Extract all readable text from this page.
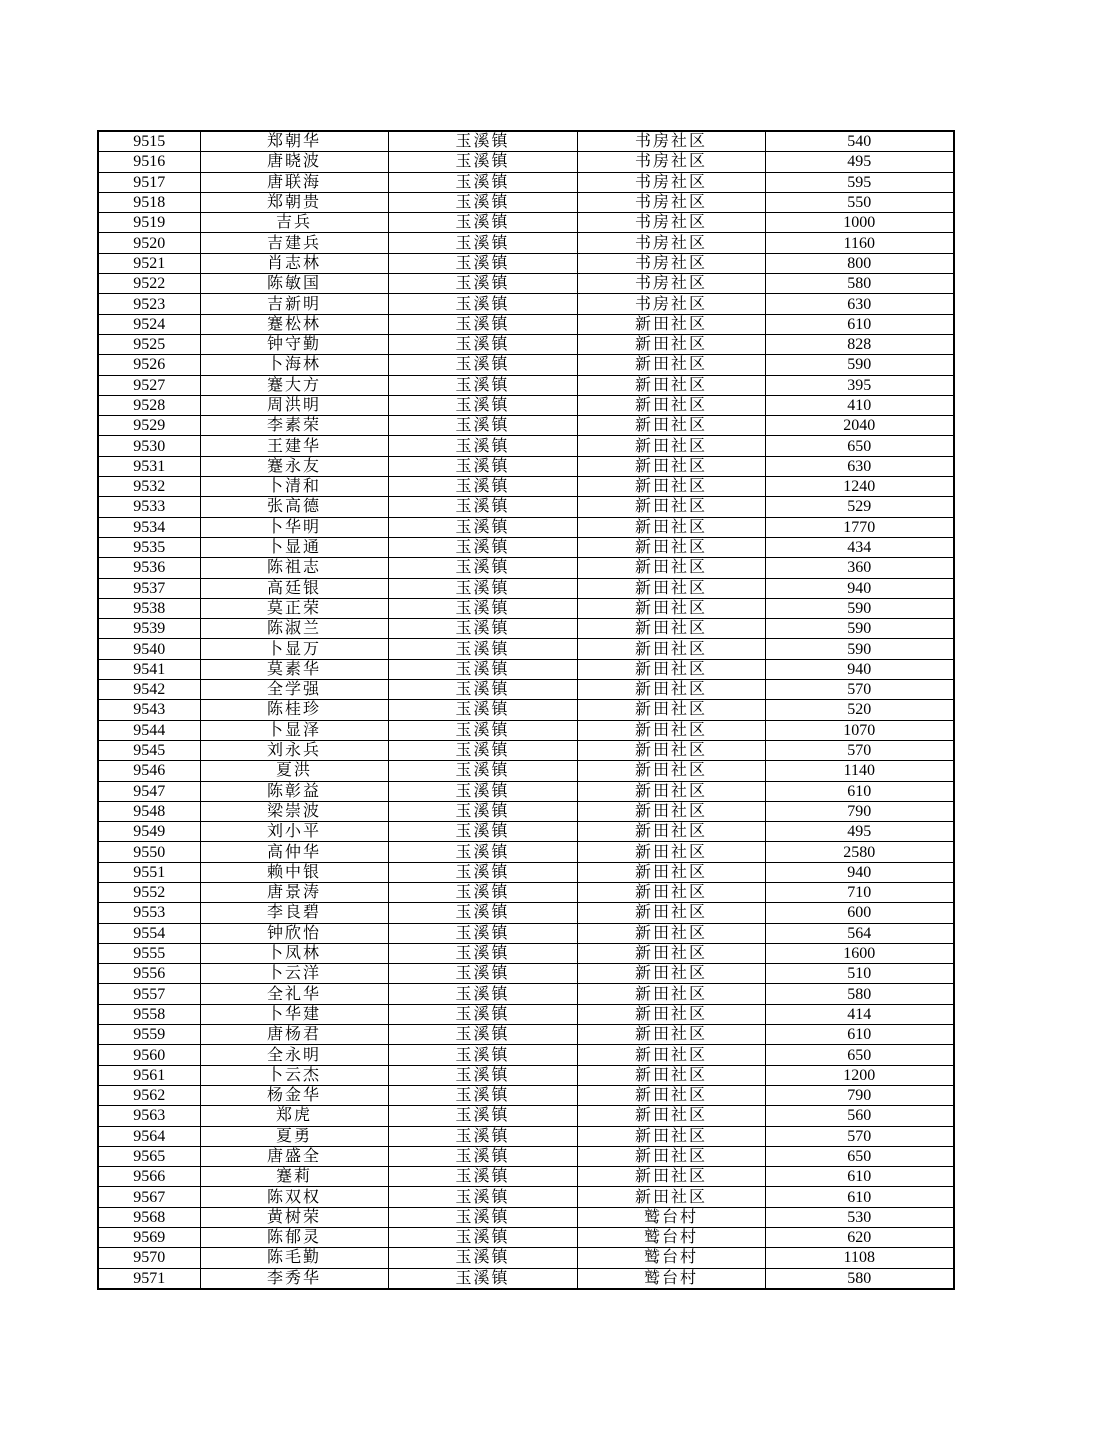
9515	郑朝华	玉溪镇	书房社区	540
9516	唐晓波	玉溪镇	书房社区	495
9517	唐联海	玉溪镇	书房社区	595
9518	郑朝贵	玉溪镇	书房社区	550
9519	吉兵	玉溪镇	书房社区	1000
9520	吉建兵	玉溪镇	书房社区	1160
9521	肖志林	玉溪镇	书房社区	800
9522	陈敏国	玉溪镇	书房社区	580
9523	吉新明	玉溪镇	书房社区	630
9524	蹇松林	玉溪镇	新田社区	610
9525	钟守勤	玉溪镇	新田社区	828
9526	卜海林	玉溪镇	新田社区	590
9527	蹇大方	玉溪镇	新田社区	395
9528	周洪明	玉溪镇	新田社区	410
9529	李素荣	玉溪镇	新田社区	2040
9530	王建华	玉溪镇	新田社区	650
9531	蹇永友	玉溪镇	新田社区	630
9532	卜清和	玉溪镇	新田社区	1240
9533	张高德	玉溪镇	新田社区	529
9534	卜华明	玉溪镇	新田社区	1770
9535	卜显通	玉溪镇	新田社区	434
9536	陈祖志	玉溪镇	新田社区	360
9537	高廷银	玉溪镇	新田社区	940
9538	莫正荣	玉溪镇	新田社区	590
9539	陈淑兰	玉溪镇	新田社区	590
9540	卜显万	玉溪镇	新田社区	590
9541	莫素华	玉溪镇	新田社区	940
9542	全学强	玉溪镇	新田社区	570
9543	陈桂珍	玉溪镇	新田社区	520
9544	卜显泽	玉溪镇	新田社区	1070
9545	刘永兵	玉溪镇	新田社区	570
9546	夏洪	玉溪镇	新田社区	1140
9547	陈彰益	玉溪镇	新田社区	610
9548	梁崇波	玉溪镇	新田社区	790
9549	刘小平	玉溪镇	新田社区	495
9550	高仲华	玉溪镇	新田社区	2580
9551	赖中银	玉溪镇	新田社区	940
9552	唐景涛	玉溪镇	新田社区	710
9553	李良碧	玉溪镇	新田社区	600
9554	钟欣怡	玉溪镇	新田社区	564
9555	卜凤林	玉溪镇	新田社区	1600
9556	卜云洋	玉溪镇	新田社区	510
9557	全礼华	玉溪镇	新田社区	580
9558	卜华建	玉溪镇	新田社区	414
9559	唐杨君	玉溪镇	新田社区	610
9560	全永明	玉溪镇	新田社区	650
9561	卜云杰	玉溪镇	新田社区	1200
9562	杨金华	玉溪镇	新田社区	790
9563	郑虎	玉溪镇	新田社区	560
9564	夏勇	玉溪镇	新田社区	570
9565	唐盛全	玉溪镇	新田社区	650
9566	蹇莉	玉溪镇	新田社区	610
9567	陈双权	玉溪镇	新田社区	610
9568	黄树荣	玉溪镇	鹫台村	530
9569	陈郁灵	玉溪镇	鹫台村	620
9570	陈毛勤	玉溪镇	鹫台村	1108
9571	李秀华	玉溪镇	鹫台村	580
